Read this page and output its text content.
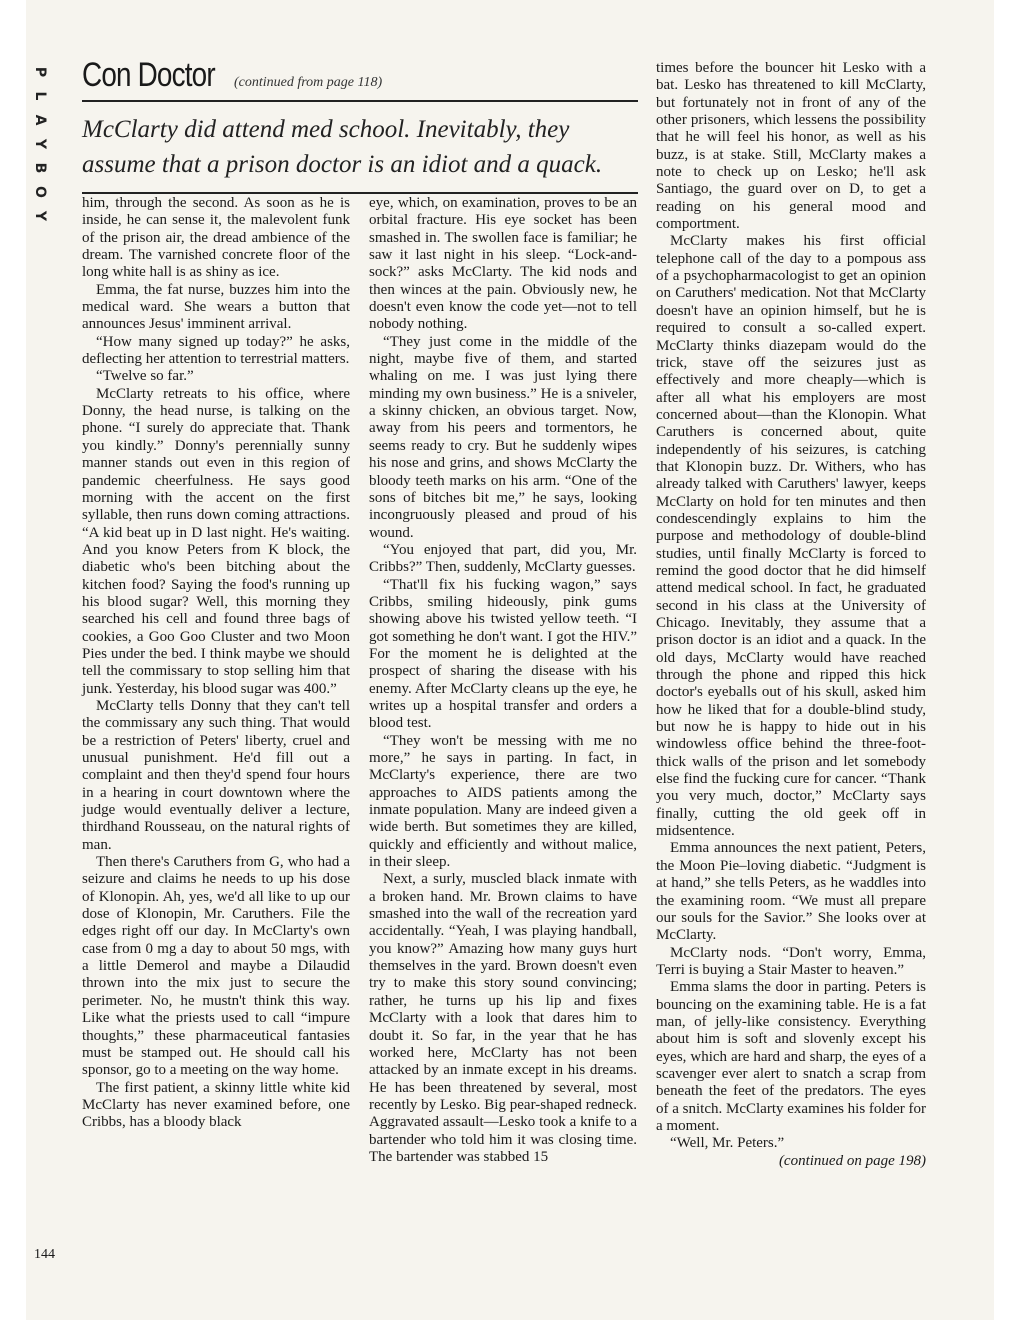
P
L
A
Y
B
O
Y
Con Doctor (continued from page 118)
McClarty did attend med school. Inevitably, they assume that a prison doctor is an idiot and a quack.

him, through the second. As soon as he is inside, he can sense it, the malevolent funk of the prison air, the dread ambience of the dream. The varnished concrete floor of the long white hall is as shiny as ice.

Emma, the fat nurse, buzzes him into the medical ward. She wears a button that announces Jesus' imminent arrival.

“How many signed up today?” he asks, deflecting her attention to terrestrial matters.

“Twelve so far.”

McClarty retreats to his office, where Donny, the head nurse, is talking on the phone. “I surely do appreciate that. Thank you kindly.” Donny's perennially sunny manner stands out even in this region of pandemic cheerfulness. He says good morning with the accent on the first syllable, then runs down coming attractions. “A kid beat up in D last night. He's waiting. And you know Peters from K block, the diabetic who's been bitching about the kitchen food? Saying the food's running up his blood sugar? Well, this morning they searched his cell and found three bags of cookies, a Goo Goo Cluster and two Moon Pies under the bed. I think maybe we should tell the commissary to stop selling him that junk. Yesterday, his blood sugar was 400.”

McClarty tells Donny that they can't tell the commissary any such thing. That would be a restriction of Peters' liberty, cruel and unusual punishment. He'd fill out a complaint and then they'd spend four hours in a hearing in court downtown where the judge would eventually deliver a lecture, thirdhand Rousseau, on the natural rights of man.

Then there's Caruthers from G, who had a seizure and claims he needs to up his dose of Klonopin. Ah, yes, we'd all like to up our dose of Klonopin, Mr. Caruthers. File the edges right off our day. In McClarty's own case from 0 mg a day to about 50 mgs, with a little Demerol and maybe a Dilaudid thrown into the mix just to secure the perimeter. No, he mustn't think this way. Like what the priests used to call “impure thoughts,” these pharmaceutical fantasies must be stamped out. He should call his sponsor, go to a meeting on the way home.

The first patient, a skinny little white kid McClarty has never examined before, one Cribbs, has a bloody black

eye, which, on examination, proves to be an orbital fracture. His eye socket has been smashed in. The swollen face is familiar; he saw it last night in his sleep. “Lock-and-sock?” asks McClarty. The kid nods and then winces at the pain. Obviously new, he doesn't even know the code yet—not to tell nobody nothing.

“They just come in the middle of the night, maybe five of them, and started whaling on me. I was just lying there minding my own business.” He is a sniveler, a skinny chicken, an obvious target. Now, away from his peers and tormentors, he seems ready to cry. But he suddenly wipes his nose and grins, and shows McClarty the bloody teeth marks on his arm. “One of the sons of bitches bit me,” he says, looking incongruously pleased and proud of his wound.

“You enjoyed that part, did you, Mr. Cribbs?” Then, suddenly, McClarty guesses.

“That'll fix his fucking wagon,” says Cribbs, smiling hideously, pink gums showing above his twisted yellow teeth. “I got something he don't want. I got the HIV.” For the moment he is delighted at the prospect of sharing the disease with his enemy. After McClarty cleans up the eye, he writes up a hospital transfer and orders a blood test.

“They won't be messing with me no more,” he says in parting. In fact, in McClarty's experience, there are two approaches to AIDS patients among the inmate population. Many are indeed given a wide berth. But sometimes they are killed, quickly and efficiently and without malice, in their sleep.

Next, a surly, muscled black inmate with a broken hand. Mr. Brown claims to have smashed into the wall of the recreation yard accidentally. “Yeah, I was playing handball, you know?” Amazing how many guys hurt themselves in the yard. Brown doesn't even try to make this story sound convincing; rather, he turns up his lip and fixes McClarty with a look that dares him to doubt it. So far, in the year that he has worked here, McClarty has not been attacked by an inmate except in his dreams. He has been threatened by several, most recently by Lesko. Big pear-shaped redneck. Aggravated assault—Lesko took a knife to a bartender who told him it was closing time. The bartender was stabbed 15

times before the bouncer hit Lesko with a bat. Lesko has threatened to kill McClarty, but fortunately not in front of any of the other prisoners, which lessens the possibility that he will feel his honor, as well as his buzz, is at stake. Still, McClarty makes a note to check up on Lesko; he'll ask Santiago, the guard over on D, to get a reading on his general mood and comportment.

McClarty makes his first official telephone call of the day to a pompous ass of a psychopharmacologist to get an opinion on Caruthers' medication. Not that McClarty doesn't have an opinion himself, but he is required to consult a so-called expert. McClarty thinks diazepam would do the trick, stave off the seizures just as effectively and more cheaply—which is after all what his employers are most concerned about—than the Klonopin. What Caruthers is concerned about, quite independently of his seizures, is catching that Klonopin buzz. Dr. Withers, who has already talked with Caruthers' lawyer, keeps McClarty on hold for ten minutes and then condescendingly explains to him the purpose and methodology of double-blind studies, until finally McClarty is forced to remind the good doctor that he did himself attend medical school. In fact, he graduated second in his class at the University of Chicago. Inevitably, they assume that a prison doctor is an idiot and a quack. In the old days, McClarty would have reached through the phone and ripped this hick doctor's eyeballs out of his skull, asked him how he liked that for a double-blind study, but now he is happy to hide out in his windowless office behind the three-foot-thick walls of the prison and let somebody else find the fucking cure for cancer. “Thank you very much, doctor,” McClarty says finally, cutting the old geek off in midsentence.

Emma announces the next patient, Peters, the Moon Pie–loving diabetic. “Judgment is at hand,” she tells Peters, as he waddles into the examining room. “We must all prepare our souls for the Savior.” She looks over at McClarty.

McClarty nods. “Don't worry, Emma, Terri is buying a Stair Master to heaven.”

Emma slams the door in parting. Peters is bouncing on the examining table. He is a fat man, of jelly-like consistency. Everything about him is soft and slovenly except his eyes, which are hard and sharp, the eyes of a scavenger ever alert to snatch a scrap from beneath the feet of the predators. The eyes of a snitch. McClarty examines his folder for a moment.

“Well, Mr. Peters.”

(continued on page 198)

144
